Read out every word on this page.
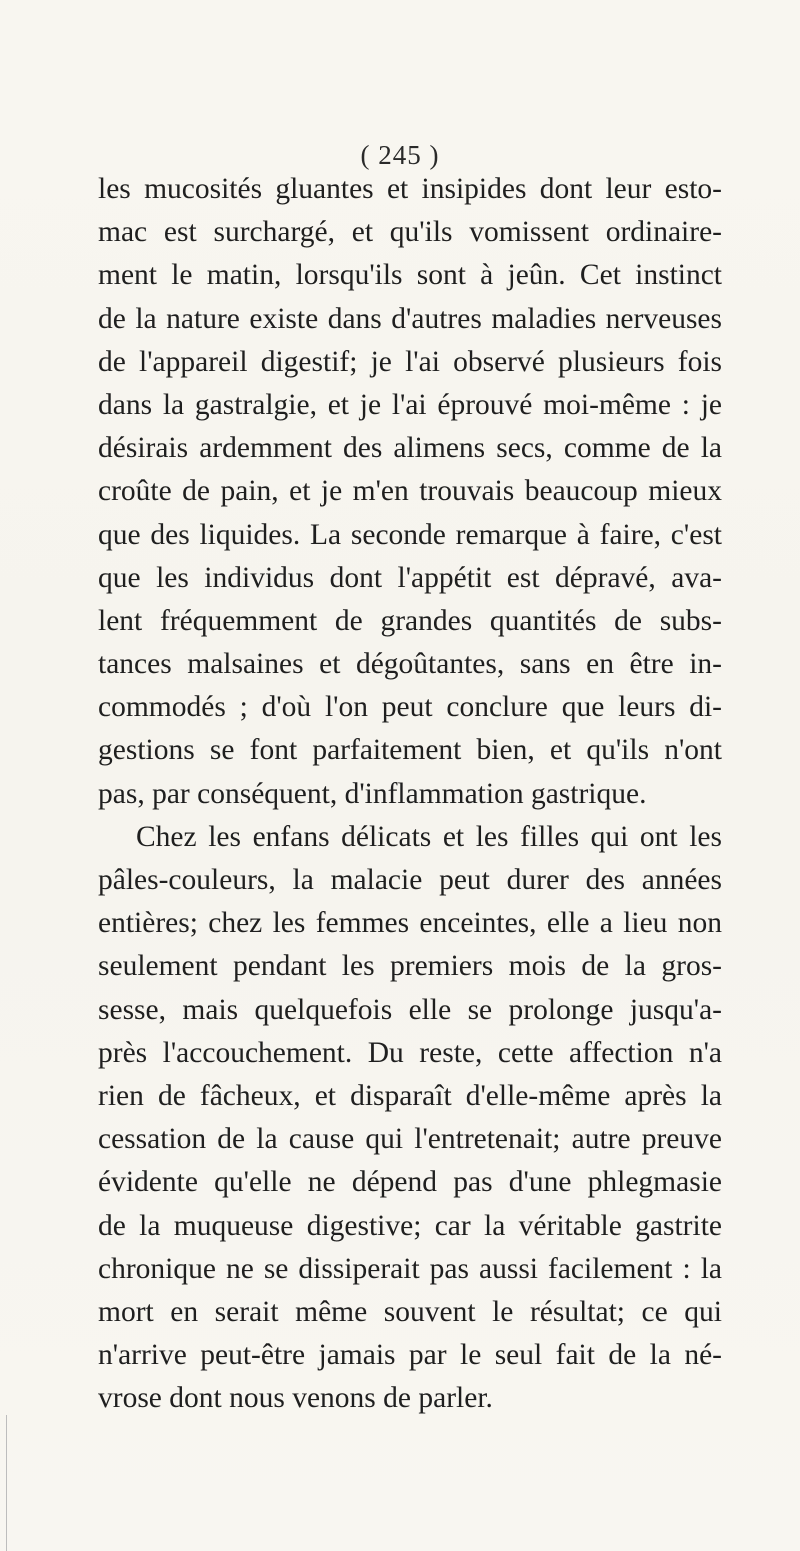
( 245 )
les mucosités gluantes et insipides dont leur esto-
mac est surchargé, et qu'ils vomissent ordinaire-
ment le matin, lorsqu'ils sont à jeûn. Cet instinct
de la nature existe dans d'autres maladies nerveuses
de l'appareil digestif; je l'ai observé plusieurs fois
dans la gastralgie, et je l'ai éprouvé moi-même : je
désirais ardemment des alimens secs, comme de la
croûte de pain, et je m'en trouvais beaucoup mieux
que des liquides. La seconde remarque à faire, c'est
que les individus dont l'appétit est dépravé, ava-
lent fréquemment de grandes quantités de subs-
tances malsaines et dégoûtantes, sans en être in-
commodés ; d'où l'on peut conclure que leurs di-
gestions se font parfaitement bien, et qu'ils n'ont
pas, par conséquent, d'inflammation gastrique.
Chez les enfans délicats et les filles qui ont les
pâles-couleurs, la malacie peut durer des années
entières; chez les femmes enceintes, elle a lieu non
seulement pendant les premiers mois de la gros-
sesse, mais quelquefois elle se prolonge jusqu'a-
près l'accouchement. Du reste, cette affection n'a
rien de fâcheux, et disparaît d'elle-même après la
cessation de la cause qui l'entretenait; autre preuve
évidente qu'elle ne dépend pas d'une phlegmasie
de la muqueuse digestive; car la véritable gastrite
chronique ne se dissiperait pas aussi facilement : la
mort en serait même souvent le résultat; ce qui
n'arrive peut-être jamais par le seul fait de la né-
vrose dont nous venons de parler.
